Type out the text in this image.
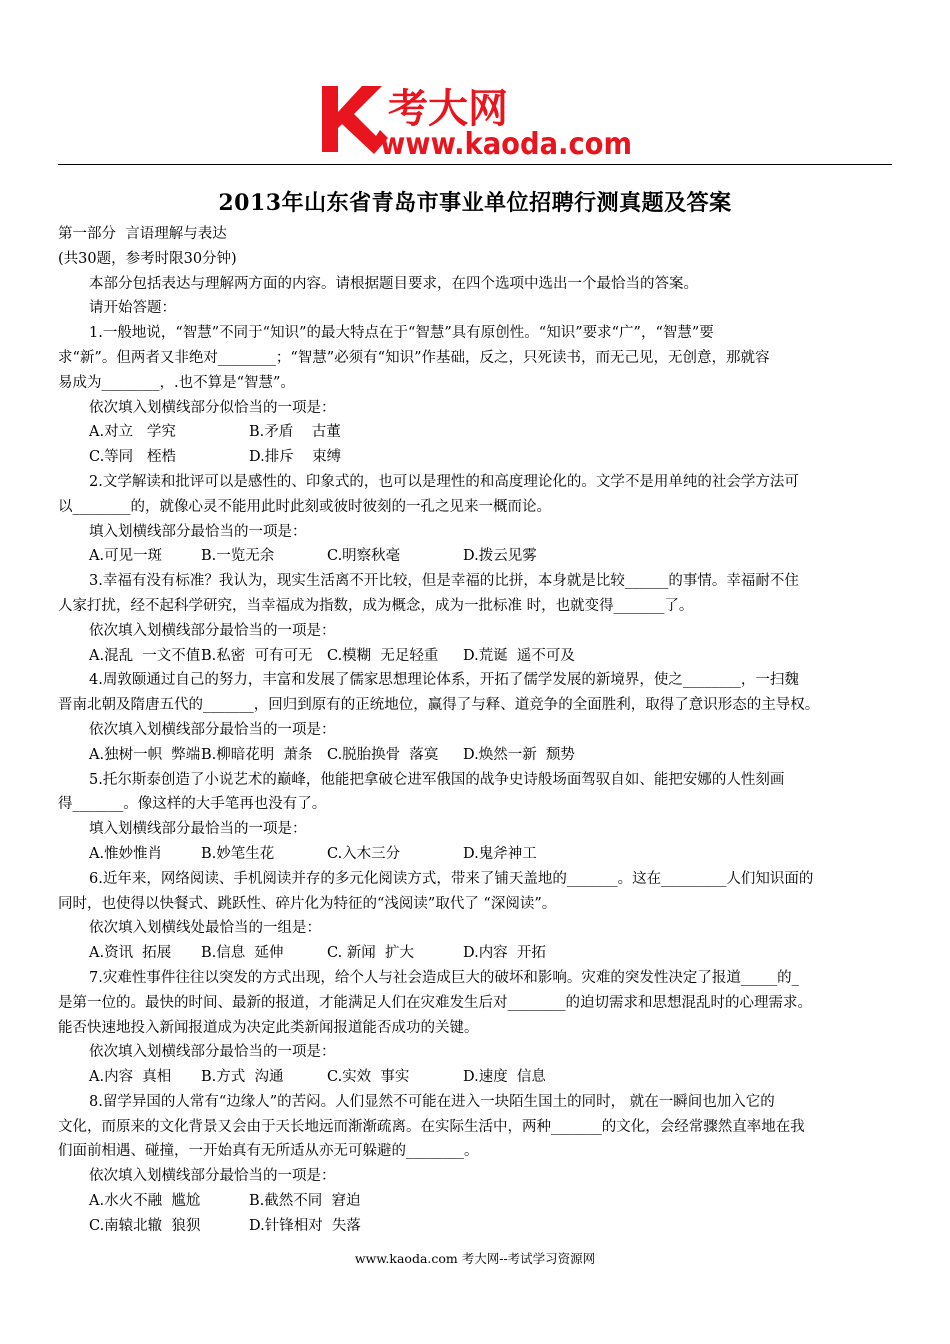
考大网
www.kaoda.com
2013年山东省青岛市事业单位招聘行测真题及答案
第一部分  言语理解与表达
(共30题，参考时限30分钟)
本部分包括表达与理解两方面的内容。请根据题目要求，在四个选项中选出一个最恰当的答案。
请开始答题：
1.一般地说，“智慧”不同于“知识”的最大特点在于“智慧”具有原创性。“知识”要求“广”，“智慧”要
求“新”。但两者又非绝对________；“智慧”必须有“知识”作基础，反之，只死读书，而无己见，无创意，那就容
易成为________，.也不算是“智慧”。
依次填入划横线部分似恰当的一项是：
A.对立   学究	B.矛盾    古董
C.等同   桎梏	D.排斥    束缚
2.文学解读和批评可以是感性的、印象式的，也可以是理性的和高度理论化的。文学不是用单纯的社会学方法可
以________的，就像心灵不能用此时此刻或彼时彼刻的一孔之见来一概而论。
填入划横线部分最恰当的一项是：
A.可见一斑	B.一览无余	C.明察秋毫	D.拨云见雾
3.幸福有没有标准？我认为，现实生活离不开比较，但是幸福的比拼，本身就是比较______的事情。幸福耐不住
人家打扰，经不起科学研究，当幸福成为指数，成为概念，成为一批标准 时，也就变得_______了。
依次填入划横线部分最恰当的一项是：
A.混乱  一文不值B.私密  可有可无 C.模糊  无足轻重 D.荒诞  遥不可及
4.周敦颐通过自己的努力，丰富和发展了儒家思想理论体系，开拓了儒学发展的新境界，使之________，一扫魏
晋南北朝及隋唐五代的_______，回归到原有的正统地位，赢得了与释、道竞争的全面胜利，取得了意识形态的主导权。
依次填入划横线部分最恰当的一项是：
A.独树一帜  弊端B.柳暗花明  萧条 C.脱胎换骨  落寞 D.焕然一新  颓势
5.托尔斯泰创造了小说艺术的巅峰，他能把拿破仑进军俄国的战争史诗般场面驾驭自如、能把安娜的人性刻画
得_______。像这样的大手笔再也没有了。
填入划横线部分最恰当的一项是：
A.惟妙惟肖	B.妙笔生花	C.入木三分	D.鬼斧神工
6.近年来，网络阅读、手机阅读并存的多元化阅读方式，带来了铺天盖地的_______。这在_________人们知识面的
同时，也使得以快餐式、跳跃性、碎片化为特征的“浅阅读”取代了 “深阅读”。
依次填入划横线处最恰当的一组是：
A.资讯  拓展 B.信息  延伸	C. 新闻  扩大	D.内容  开拓
7.灾难性事件往往以突发的方式出现，给个人与社会造成巨大的破坏和影响。灾难的突发性决定了报道_____的_
是第一位的。最快的时间、最新的报道，才能满足人们在灾难发生后对________的迫切需求和思想混乱时的心理需求。
能否快速地投入新闻报道成为决定此类新闻报道能否成功的关键。
依次填入划横线部分最恰当的一项是：
A.内容  真相 B.方式  沟通	C.实效  事实	D.速度  信息
8.留学异国的人常有“边缘人”的苦闷。人们显然不可能在进入一块陌生国土的同时， 就在一瞬间也加入它的
文化，而原来的文化背景又会由于天长地远而渐渐疏离。在实际生活中，两种_______的文化，会经常骤然直率地在我
们面前相遇、碰撞，一开始真有无所适从亦无可躲避的________。
依次填入划横线部分最恰当的一项是：
A.水火不融  尴尬	B.截然不同  窘迫
C.南辕北辙  狼狈	D.针锋相对  失落
www.kaoda.com 考大网--考试学习资源网
